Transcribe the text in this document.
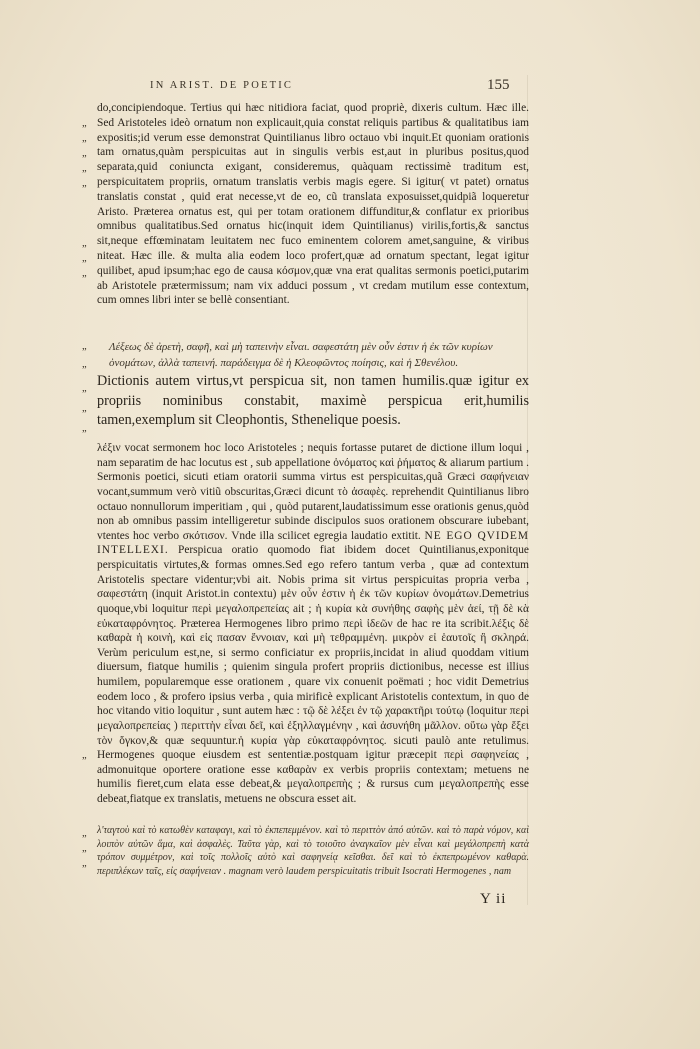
IN ARIST. DE POETIC	155

do,concipiendoque. Tertius qui hæc nitidiora faciat, quod propriè, dixeris cultum. Hæc ille. Sed Aristoteles ideò ornatum non explicauit,quia constat reliquis partibus & qualitatibus iam expositis;id verum esse demonstrat Quintilianus libro octauo vbi inquit.Et quoniam orationis tam ornatus,quàm perspicuitas aut in singulis verbis est,aut in pluribus positus,quod separata,quid coniuncta exigant, consideremus, quàquam rectissimè traditum est, perspicuitatem propriis, ornatum translatis verbis magis egere. Si igitur( vt patet) ornatus translatis constat , quid erat necesse,vt de eo, cũ translata exposuisset,quidpiã loqueretur Aristo. Præterea ornatus est, qui per totam orationem diffunditur,& conflatur ex prioribus omnibus qualitatibus.Sed ornatus hic(inquit idem Quintilianus) virilis,fortis,& sanctus sit,neque effœminatam leuitatem nec fuco eminentem colorem amet,sanguine, & viribus niteat. Hæc ille. & multa alia eodem loco profert,quæ ad ornatum spectant, legat igitur quilibet, apud ipsum;hac ego de causa κόσμον,quæ vna erat qualitas sermonis poetici,putarim ab Aristotele prætermissum; nam vix adduci possum , vt credam mutilum esse contextum, cum omnes libri inter se bellè consentiant.

Λέξεως δὲ ἀρετὴ, σαφῆ, καὶ μὴ ταπεινὴν εἶναι. σαφεστάτη μὲν οὖν ἐστιν ἡ ἐκ τῶν κυρίων ὀνομάτων, ἀλλὰ ταπεινή. παράδειγμα δὲ ἡ Κλεοφῶντος ποίησις, καὶ ἡ Σθενέλου.
Dictionis autem virtus,vt perspicua sit, non tamen humilis.quæ igitur ex propriis nominibus constabit, maximè perspicua erit,humilis tamen,exemplum sit Cleophontis, Sthenelique poesis.
λέξιν vocat sermonem hoc loco Aristoteles ; nequis fortasse putaret de dictione illum loqui , nam separatim de hac locutus est , sub appellatione ὀνόματος καὶ ῥήματος & aliarum partium . Sermonis poetici, sicuti etiam oratorii summa virtus est perspicuitas,quã Græci σαφήνειαν vocant,summum verò vitiũ obscuritas,Græci dicunt τὸ ἀσαφὲς. reprehendit Quintilianus libro octauo nonnullorum imperitiam , qui , quòd putarent,laudatissimum esse orationis genus,quòd non ab omnibus passim intelligeretur subinde discipulos suos orationem obscurare iubebant, vtentes hoc verbo σκότισον. Vnde illa scilicet egregia laudatio extitit. NE EGO QVIDEM INTELLEXI. Perspicua oratio quomodo fiat ibidem docet Quintilianus,exponitque perspicuitatis virtutes,& formas omnes.Sed ego refero tantum verba , quæ ad contextum Aristotelis spectare videntur;vbi ait. Nobis prima sit virtus perspicuitas propria verba , σαφεστάτη (inquit Aristot.in contextu) μὲν οὖν ἐστιν ἡ ἐκ τῶν κυρίων ὀνομάτων.Demetrius quoque,vbi loquitur περὶ μεγαλοπρεπείας ait ; ἡ κυρία κὰ συνήθης σαφὴς μὲν ἀεί, τῇ δὲ κὰ εὐκαταφρόνητος. Præterea Hermogenes libro primo περὶ ἰδεῶν de hac re ita scribit.λέξις δὲ καθαρὰ ἡ κοινὴ, καὶ εἰς πασαν ἔννοιαν, καὶ μὴ τεθραμμένη. μικρὸν εἰ ἑαυτοῖς ἢ σκληρά. Verùm periculum est,ne, si sermo conficiatur ex propriis,incidat in aliud quoddam vitium diuersum, fiatque humilis ; quienim singula profert propriis dictionibus, necesse est illius humilem, popularemque esse orationem , quare vix conuenit poëmati ; hoc vidit Demetrius eodem loco , & profero ipsius verba , quia mirificè explicant Aristotelis contextum, in quo de hoc vitando vitio loquitur , sunt autem hæc : τῷ δὲ λέξει ἐν τῷ χαρακτῆρι τούτῳ (loquitur περὶ μεγαλοπρεπείας ) περιττὴν εἶναι δεῖ, καὶ ἐξηλλαγμένην , καὶ ἀσυνήθη μᾶλλον. οὕτω γὰρ ἕξει τὸν ὄγκον,& quæ sequuntur.ἡ κυρία γὰρ εὐκαταφρόνητος. sicuti paulò ante retulimus. Hermogenes quoque eiusdem est sententiæ.postquam igitur præcepit περὶ σαφηνείας , admonuitque oportere oratione esse καθαρὰν ex verbis propriis contextam; metuens ne humilis fieret,cum elata esse debeat,& μεγαλοπρεπὴς ; & rursus cum μεγαλοπρεπὴς esse debeat,fiatque ex translatis, metuens ne obscura esset ait.
λ'ταγτοὺ καὶ τὸ κατωθὲν καταφαγι, καὶ τὸ ἐκπεπεμμένον. καὶ τὸ περιττὸν ἀπό αὐτῶν. καὶ τὸ παρὰ νόμον, καὶ λοιπὸν αὐτῶν ἅμα, καὶ ἀσφαλὲς. Ταῦτα γὰρ, καὶ τὸ τοιοῦτο ἀναγκαῖον μὲν εἶναι καὶ μεγάλοπρεπὴ κατὰ τρόπον συμμέτρον, καὶ τοῖς πολλοῖς αὐτὸ καὶ σαφηνείᾳ κεῖσθαι. δεῖ καὶ τὸ ἐκπεπρωμένον καθαρὰ. περιπλέκων ταῖς, εἰς σαφήνειαν . magnam verò laudem perspicuitatis tribuit Isocrati Hermogenes , nam
Y ii
„
„
„
„
„
„
„
„
„
„
„
„
„
„
„
„
„
